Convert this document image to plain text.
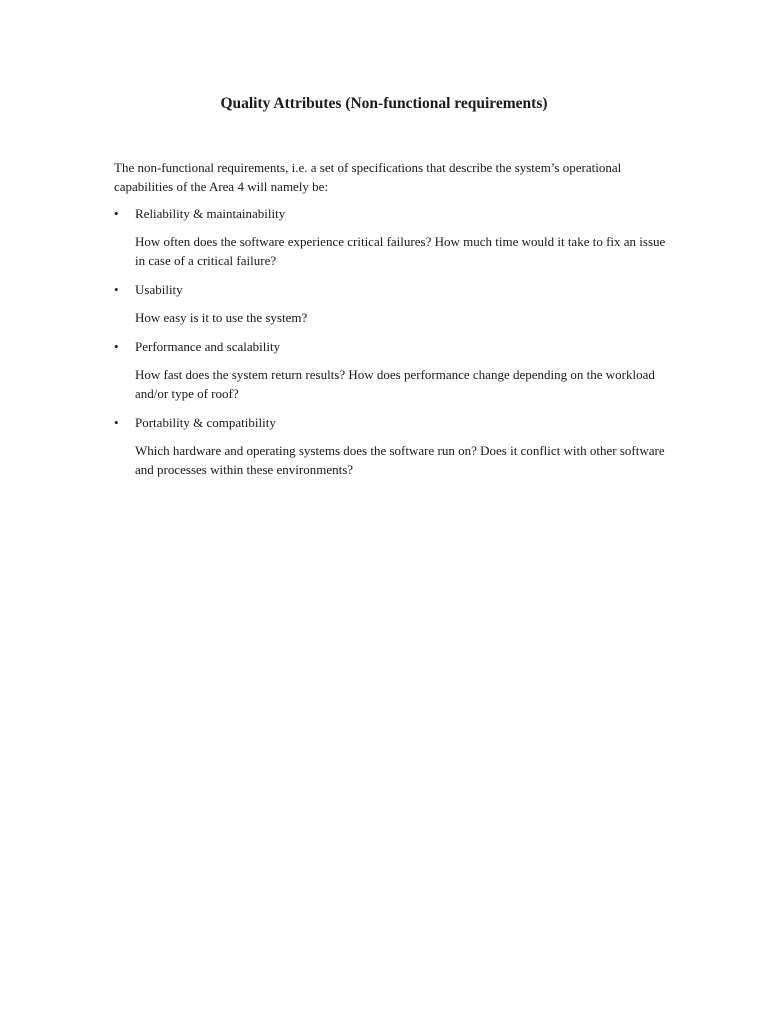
Quality Attributes (Non-functional requirements)

The non-functional requirements, i.e. a set of specifications that describe the system’s operational capabilities of the Area 4 will namely be:

• Reliability & maintainability
How often does the software experience critical failures? How much time would it take to fix an issue in case of a critical failure?
• Usability
How easy is it to use the system?
• Performance and scalability
How fast does the system return results? How does performance change depending on the workload and/or type of roof?
• Portability & compatibility
Which hardware and operating systems does the software run on? Does it conflict with other software and processes within these environments?
